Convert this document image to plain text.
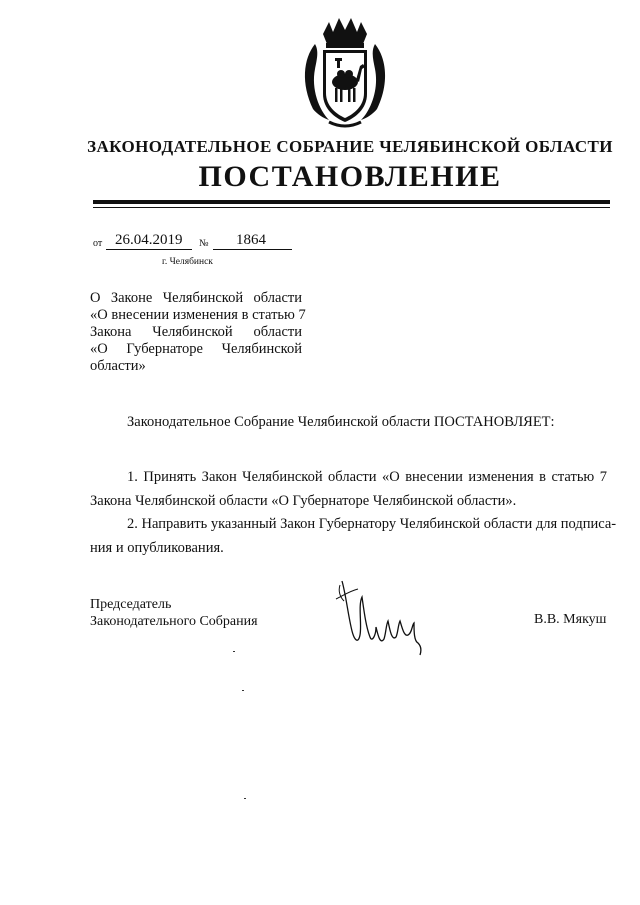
ЗАКОНОДАТЕЛЬНОЕ СОБРАНИЕ ЧЕЛЯБИНСКОЙ ОБЛАСТИ
ПОСТАНОВЛЕНИЕ
от 26.04.2019 № 1864
г. Челябинск
О Законе Челябинской области
«О внесении изменения в статью 7
Закона Челябинской области
«О Губернаторе Челябинской
области»
Законодательное Собрание Челябинской области ПОСТАНОВЛЯЕТ:
1. Принять Закон Челябинской области «О внесении изменения в статью 7
Закона Челябинской области «О Губернаторе Челябинской области».
2. Направить указанный Закон Губернатору Челябинской области для подписа-
ния и опубликования.
Председатель
Законодательного Собрания	В.В. Мякуш
